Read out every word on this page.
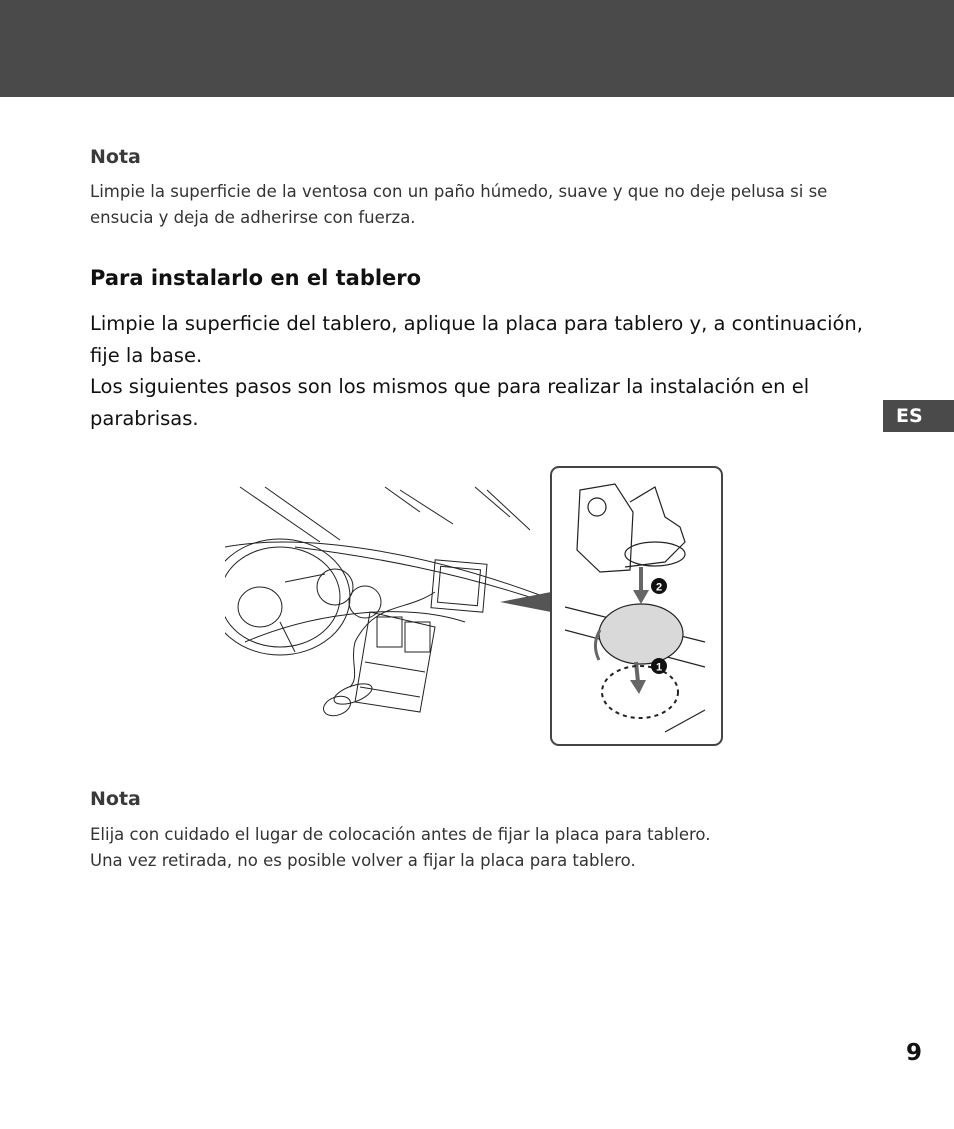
Nota

Limpie la superficie de la ventosa con un paño húmedo, suave y que no deje pelusa si se ensucia y deja de adherirse con fuerza.

Para instalarlo en el tablero

Limpie la superficie del tablero, aplique la placa para tablero y, a continuación, fije la base.

Los siguientes pasos son los mismos que para realizar la instalación en el parabrisas.	ES
2
1
Nota

Elija con cuidado el lugar de colocación antes de fijar la placa para tablero.

Una vez retirada, no es posible volver a fijar la placa para tablero.

9
